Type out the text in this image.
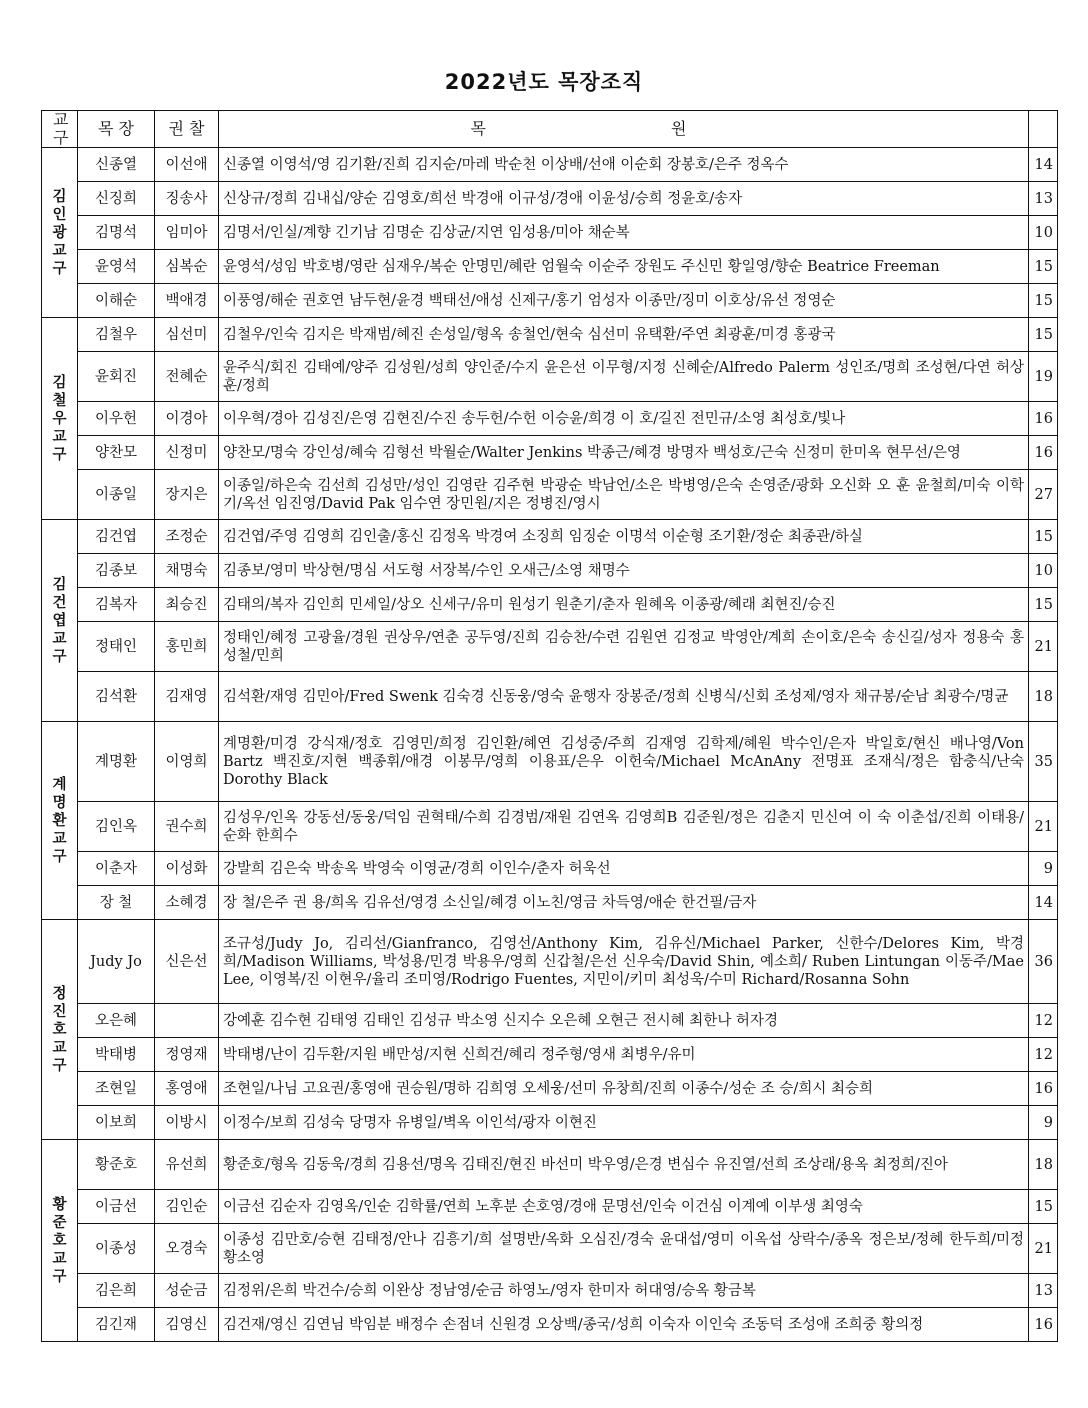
2022년도 목장조직
교구	목 장	권 찰	목 원	
김인광 교구	신종열	이선애	신종열 이영석/영 김기환/진희 김지순/마레 박순천 이상배/선애 이순회 장봉호/은주 정옥수	14
	신징희	징송사	신상규/정희 김내십/양순 김영호/희선 박경애 이규성/경애 이윤성/승희 정윤호/송자	13
	김명석	임미아	김명서/인실/계향 긴기남 김명순 김상균/지연 임성용/미아 채순복	10
	윤영석	심복순	윤영석/성임 박호병/영란 심재우/복순 안명민/혜란 엄월숙 이순주 장원도 주신민 황일영/향순 Beatrice Freeman	15
	이해순	백애경	이풍영/해순 권호연 남두현/윤경 백태선/애성 신제구/홍기 엄성자 이종만/징미 이호상/유선 정영순	15
김철우 교구	김철우	심선미	김철우/인숙 김지은 박재범/혜진 손성일/형옥 송철언/현숙 심선미 유택환/주연 최광훈/미경 홍광국	15
	윤회진	전혜순	윤주식/회진 김태예/양주 김성원/성희 양인준/수지 윤은선 이무형/지정 신혜순/Alfredo Palerm 성인조/명희 조성현/다연 허상훈/정희	19
	이우헌	이경아	이우혁/경아 김성진/은영 김현진/수진 송두헌/수헌 이승윤/희경 이 호/길진 전민규/소영 최성호/빛나	16
	양찬모	신정미	양찬모/명숙 강인성/혜숙 김형선 박월순/Walter Jenkins 박종근/혜경 방명자 백성호/근숙 신정미 한미옥 현무선/은영	16
	이종일	장지은	이종일/하은숙 김선희 김성만/성인 김영란 김주현 박광순 박남언/소은 박병영/은숙 손영준/광화 오신화 오 훈 윤철희/미숙 이학기/옥선 임진영/David Pak 임수연 장민원/지은 정병진/영시	27
김건엽 교구	김건엽	조정순	김건엽/주영 김영희 김인출/홍신 김정옥 박경여 소징희 임징순 이명석 이순형 조기환/정순 최종관/하실	15
	김종보	채명숙	김종보/영미 박상현/명심 서도형 서장복/수인 오새근/소영 채명수	10
	김복자	최승진	김태의/복자 김인희 민세일/상오 신세구/유미 원성기 원춘기/춘자 원혜옥 이종광/혜래 최현진/승진	15
	정태인	홍민희	정태인/혜정 고광율/경원 권상우/연춘 공두영/진희 김승찬/수련 김원연 김정교 박영안/계희 손이호/은숙 송신길/성자 정용숙 홍성철/민희	21
	김석환	김재영	김석환/재영 김민아/Fred Swenk 김숙경 신동웅/영숙 윤행자 장봉준/정희 신병식/신회 조성제/영자 채규봉/순남 최광수/명균	18
계명환 교구	계명환	이영희	계명환/미경 강식재/정호 김영민/희정 김인환/혜연 김성중/주희 김재영 김학제/혜원 박수인/은자 박일호/현신 배나영/Von Bartz 백진호/지현 백종휘/애경 이봉무/영희 이용표/은우 이헌숙/Michael McAnAny 전명표 조재식/정은 함충식/난숙 Dorothy Black	35
	김인옥	권수희	김성우/인옥 강동선/동웅/덕임 권혁태/수희 김경범/재원 김연옥 김영희B 김준원/정은 김춘지 민신여 이 숙 이춘섭/진희 이태용/순화 한희수	21
	이춘자	이성화	강발희 김은숙 박송옥 박영숙 이영균/경희 이인수/춘자 허욱선	9
	장 철	소혜경	장 철/은주 권 용/희옥 김유선/영경 소신일/혜경 이노친/영금 차득영/애순 한건필/금자	14
정진호 교구	Judy Jo	신은선	조규성/Judy Jo, 김리선/Gianfranco, 김영선/Anthony Kim, 김유신/Michael Parker, 신한수/Delores Kim, 박경희/Madison Williams, 박성용/민경 박용우/영희 신갑철/은선 신우숙/David Shin, 예소희/ Ruben Lintungan 이동주/Mae Lee, 이영복/진 이현우/율리 조미영/Rodrigo Fuentes, 지민이/키미 최성욱/수미 Richard/Rosanna Sohn	36
	오은혜		강예훈 김수현 김태영 김태인 김성규 박소영 신지수 오은혜 오현근 전시혜 최한나 허자경	12
	박태병	정영재	박태병/난이 김두환/지원 배만성/지현 신희건/혜리 정주형/영새 최병우/유미	12
	조현일	홍영애	조현일/나님 고요권/홍영애 권승원/명하 김희영 오세웅/선미 유창희/진희 이종수/성순 조 승/희시 최승희	16
	이보희	이방시	이정수/보희 김성숙 당명자 유병일/벽옥 이인석/광자 이현진	9
황준호 교구	황준호	유선희	황준호/형옥 김동욱/경희 김용선/명옥 김태진/현진 바선미 박우영/은경 변심수 유진열/선희 조상래/용옥 최정희/진아	18
	이금선	김인순	이금선 김순자 김영옥/인순 김학률/연희 노후분 손호영/경애 문명선/인숙 이건심 이계예 이부생 최영숙	15
	이종성	오경숙	이종성 김만호/승현 김태정/안나 김흥기/희 설명반/옥화 오심진/경숙 윤대섭/영미 이옥섭 상락수/종옥 정은보/정혜 한두희/미정 황소영	21
	김은희	성순금	김정위/은희 박건수/승희 이완상 정남영/순금 하영노/영자 한미자 허대영/승옥 황금복	13
	김긴재	김영신	김건재/영신 김연님 박임분 배정수 손점녀 신원경 오상백/종국/성희 이숙자 이인숙 조동덕 조성애 조희중 황의정	16
